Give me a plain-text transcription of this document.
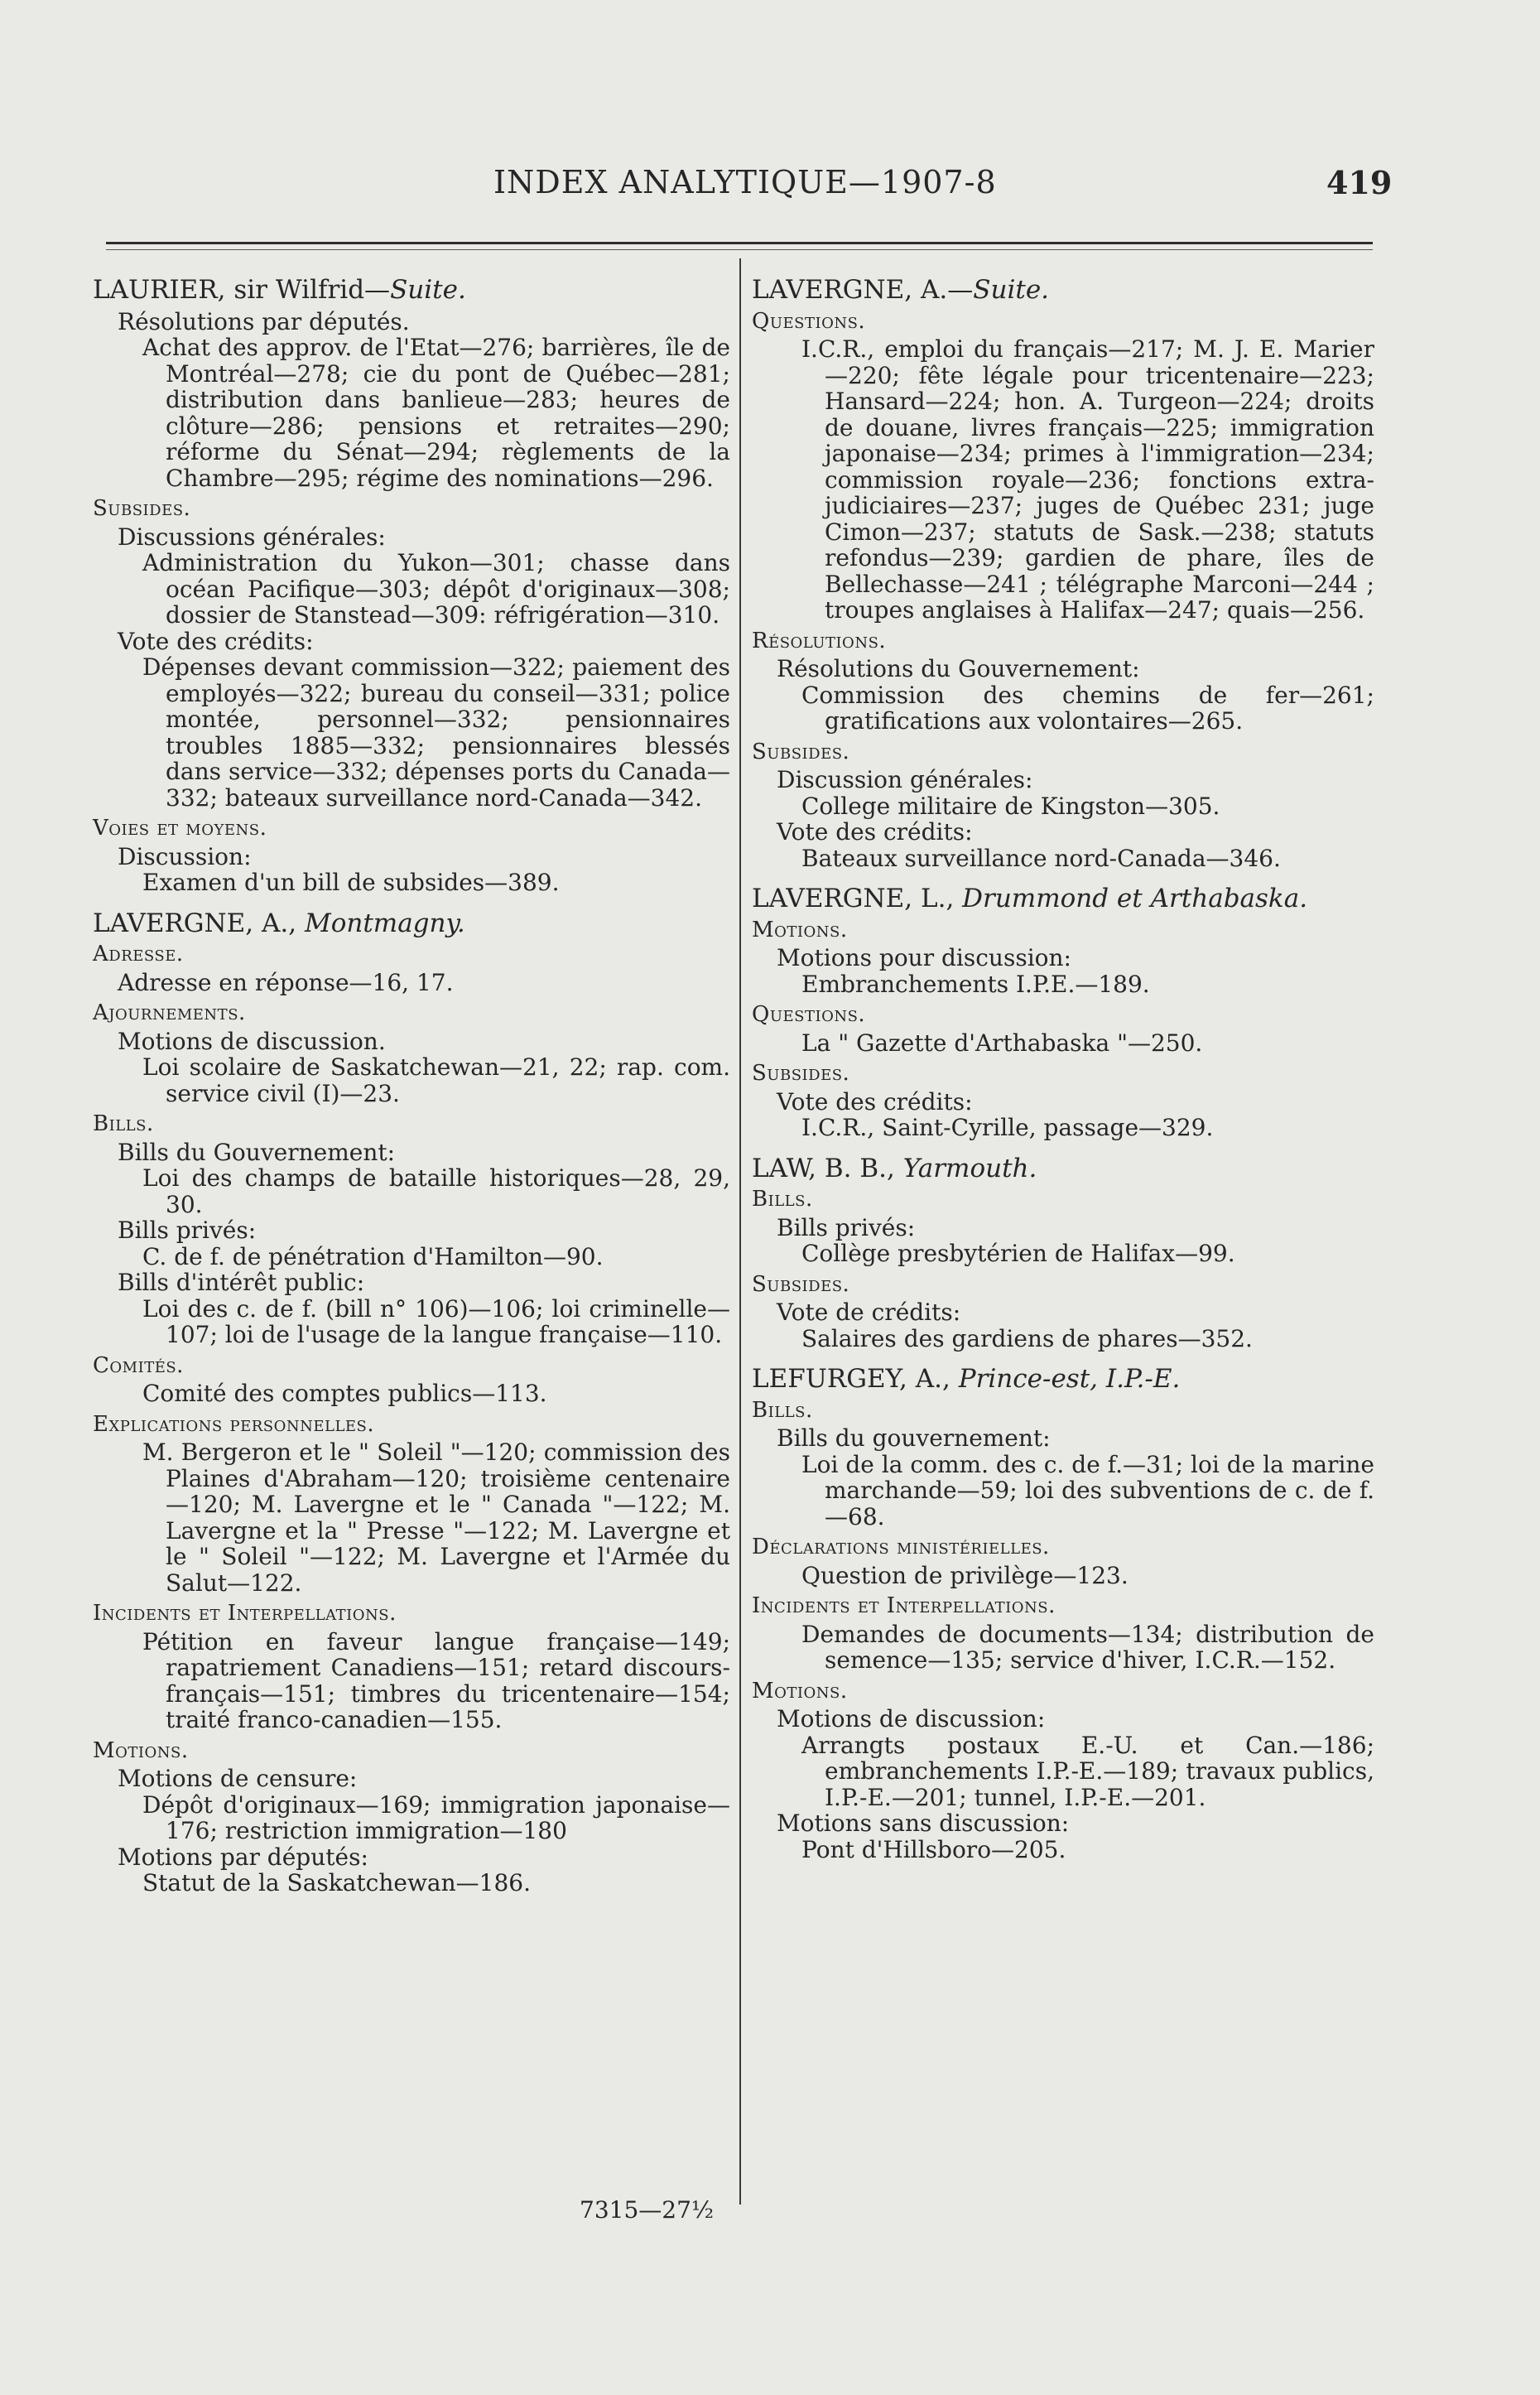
INDEX ANALYTIQUE—1907-8	419
LAURIER, sir Wilfrid—Suite.
Résolutions par députés.
Achat des approv. de l'Etat—276; barrières, île de Montréal—278; cie du pont de Québec—281; distribution dans banlieue—283; heures de clôture—286; pensions et retraites—290; réforme du Sénat—294; règlements de la Chambre—295; régime des nominations—296.
Subsides.
Discussions générales:
Administration du Yukon—301; chasse dans océan Pacifique—303; dépôt d'originaux—308; dossier de Stanstead—309: réfrigération—310.
Vote des crédits:
Dépenses devant commission—322; paiement des employés—322; bureau du conseil—331; police montée, personnel—332; pensionnaires troubles 1885—332; pensionnaires blessés dans service—332; dépenses ports du Canada—332; bateaux surveillance nord-Canada—342.
Voies et moyens.
Discussion:
Examen d'un bill de subsides—389.
LAVERGNE, A., Montmagny.
Adresse.
Adresse en réponse—16, 17.
Ajournements.
Motions de discussion.
Loi scolaire de Saskatchewan—21, 22; rap. com. service civil (I)—23.
Bills.
Bills du Gouvernement:
Loi des champs de bataille historiques—28, 29, 30.
Bills privés:
C. de f. de pénétration d'Hamilton—90.
Bills d'intérêt public:
Loi des c. de f. (bill n° 106)—106; loi criminelle—107; loi de l'usage de la langue française—110.
Comités.
Comité des comptes publics—113.
Explications personnelles.
M. Bergeron et le " Soleil "—120; commission des Plaines d'Abraham—120; troisième centenaire—120; M. Lavergne et le " Canada "—122; M. Lavergne et la " Presse "—122; M. Lavergne et le " Soleil "—122; M. Lavergne et l'Armée du Salut—122.
Incidents et Interpellations.
Pétition en faveur langue française—149; rapatriement Canadiens—151; retard discours-français—151; timbres du tricentenaire—154; traité franco-canadien—155.
Motions.
Motions de censure:
Dépôt d'originaux—169; immigration japonaise—176; restriction immigration—180
Motions par députés:
Statut de la Saskatchewan—186.
LAVERGNE, A.—Suite.
Questions.
I.C.R., emploi du français—217; M. J. E. Marier—220; fête légale pour tricentenaire—223; Hansard—224; hon. A. Turgeon—224; droits de douane, livres français—225; immigration japonaise—234; primes à l'immigration—234; commission royale—236; fonctions extra-judiciaires—237; juges de Québec 231; juge Cimon—237; statuts de Sask.—238; statuts refondus—239; gardien de phare, îles de Bellechasse—241 ; télégraphe Marconi—244 ; troupes anglaises à Halifax—247; quais—256.
Résolutions.
Résolutions du Gouvernement:
Commission des chemins de fer—261; gratifications aux volontaires—265.
Subsides.
Discussion générales:
College militaire de Kingston—305.
Vote des crédits:
Bateaux surveillance nord-Canada—346.
LAVERGNE, L., Drummond et Arthabaska.
Motions.
Motions pour discussion:
Embranchements I.P.E.—189.
Questions.
La " Gazette d'Arthabaska "—250.
Subsides.
Vote des crédits:
I.C.R., Saint-Cyrille, passage—329.
LAW, B. B., Yarmouth.
Bills.
Bills privés:
Collège presbytérien de Halifax—99.
Subsides.
Vote de crédits:
Salaires des gardiens de phares—352.
LEFURGEY, A., Prince-est, I.P.-E.
Bills.
Bills du gouvernement:
Loi de la comm. des c. de f.—31; loi de la marine marchande—59; loi des subventions de c. de f.—68.
Déclarations ministérielles.
Question de privilège—123.
Incidents et Interpellations.
Demandes de documents—134; distribution de semence—135; service d'hiver, I.C.R.—152.
Motions.
Motions de discussion:
Arrangts postaux E.-U. et Can.—186; embranchements I.P.-E.—189; travaux publics, I.P.-E.—201; tunnel, I.P.-E.—201.
Motions sans discussion:
Pont d'Hillsboro—205.
7315—27½
